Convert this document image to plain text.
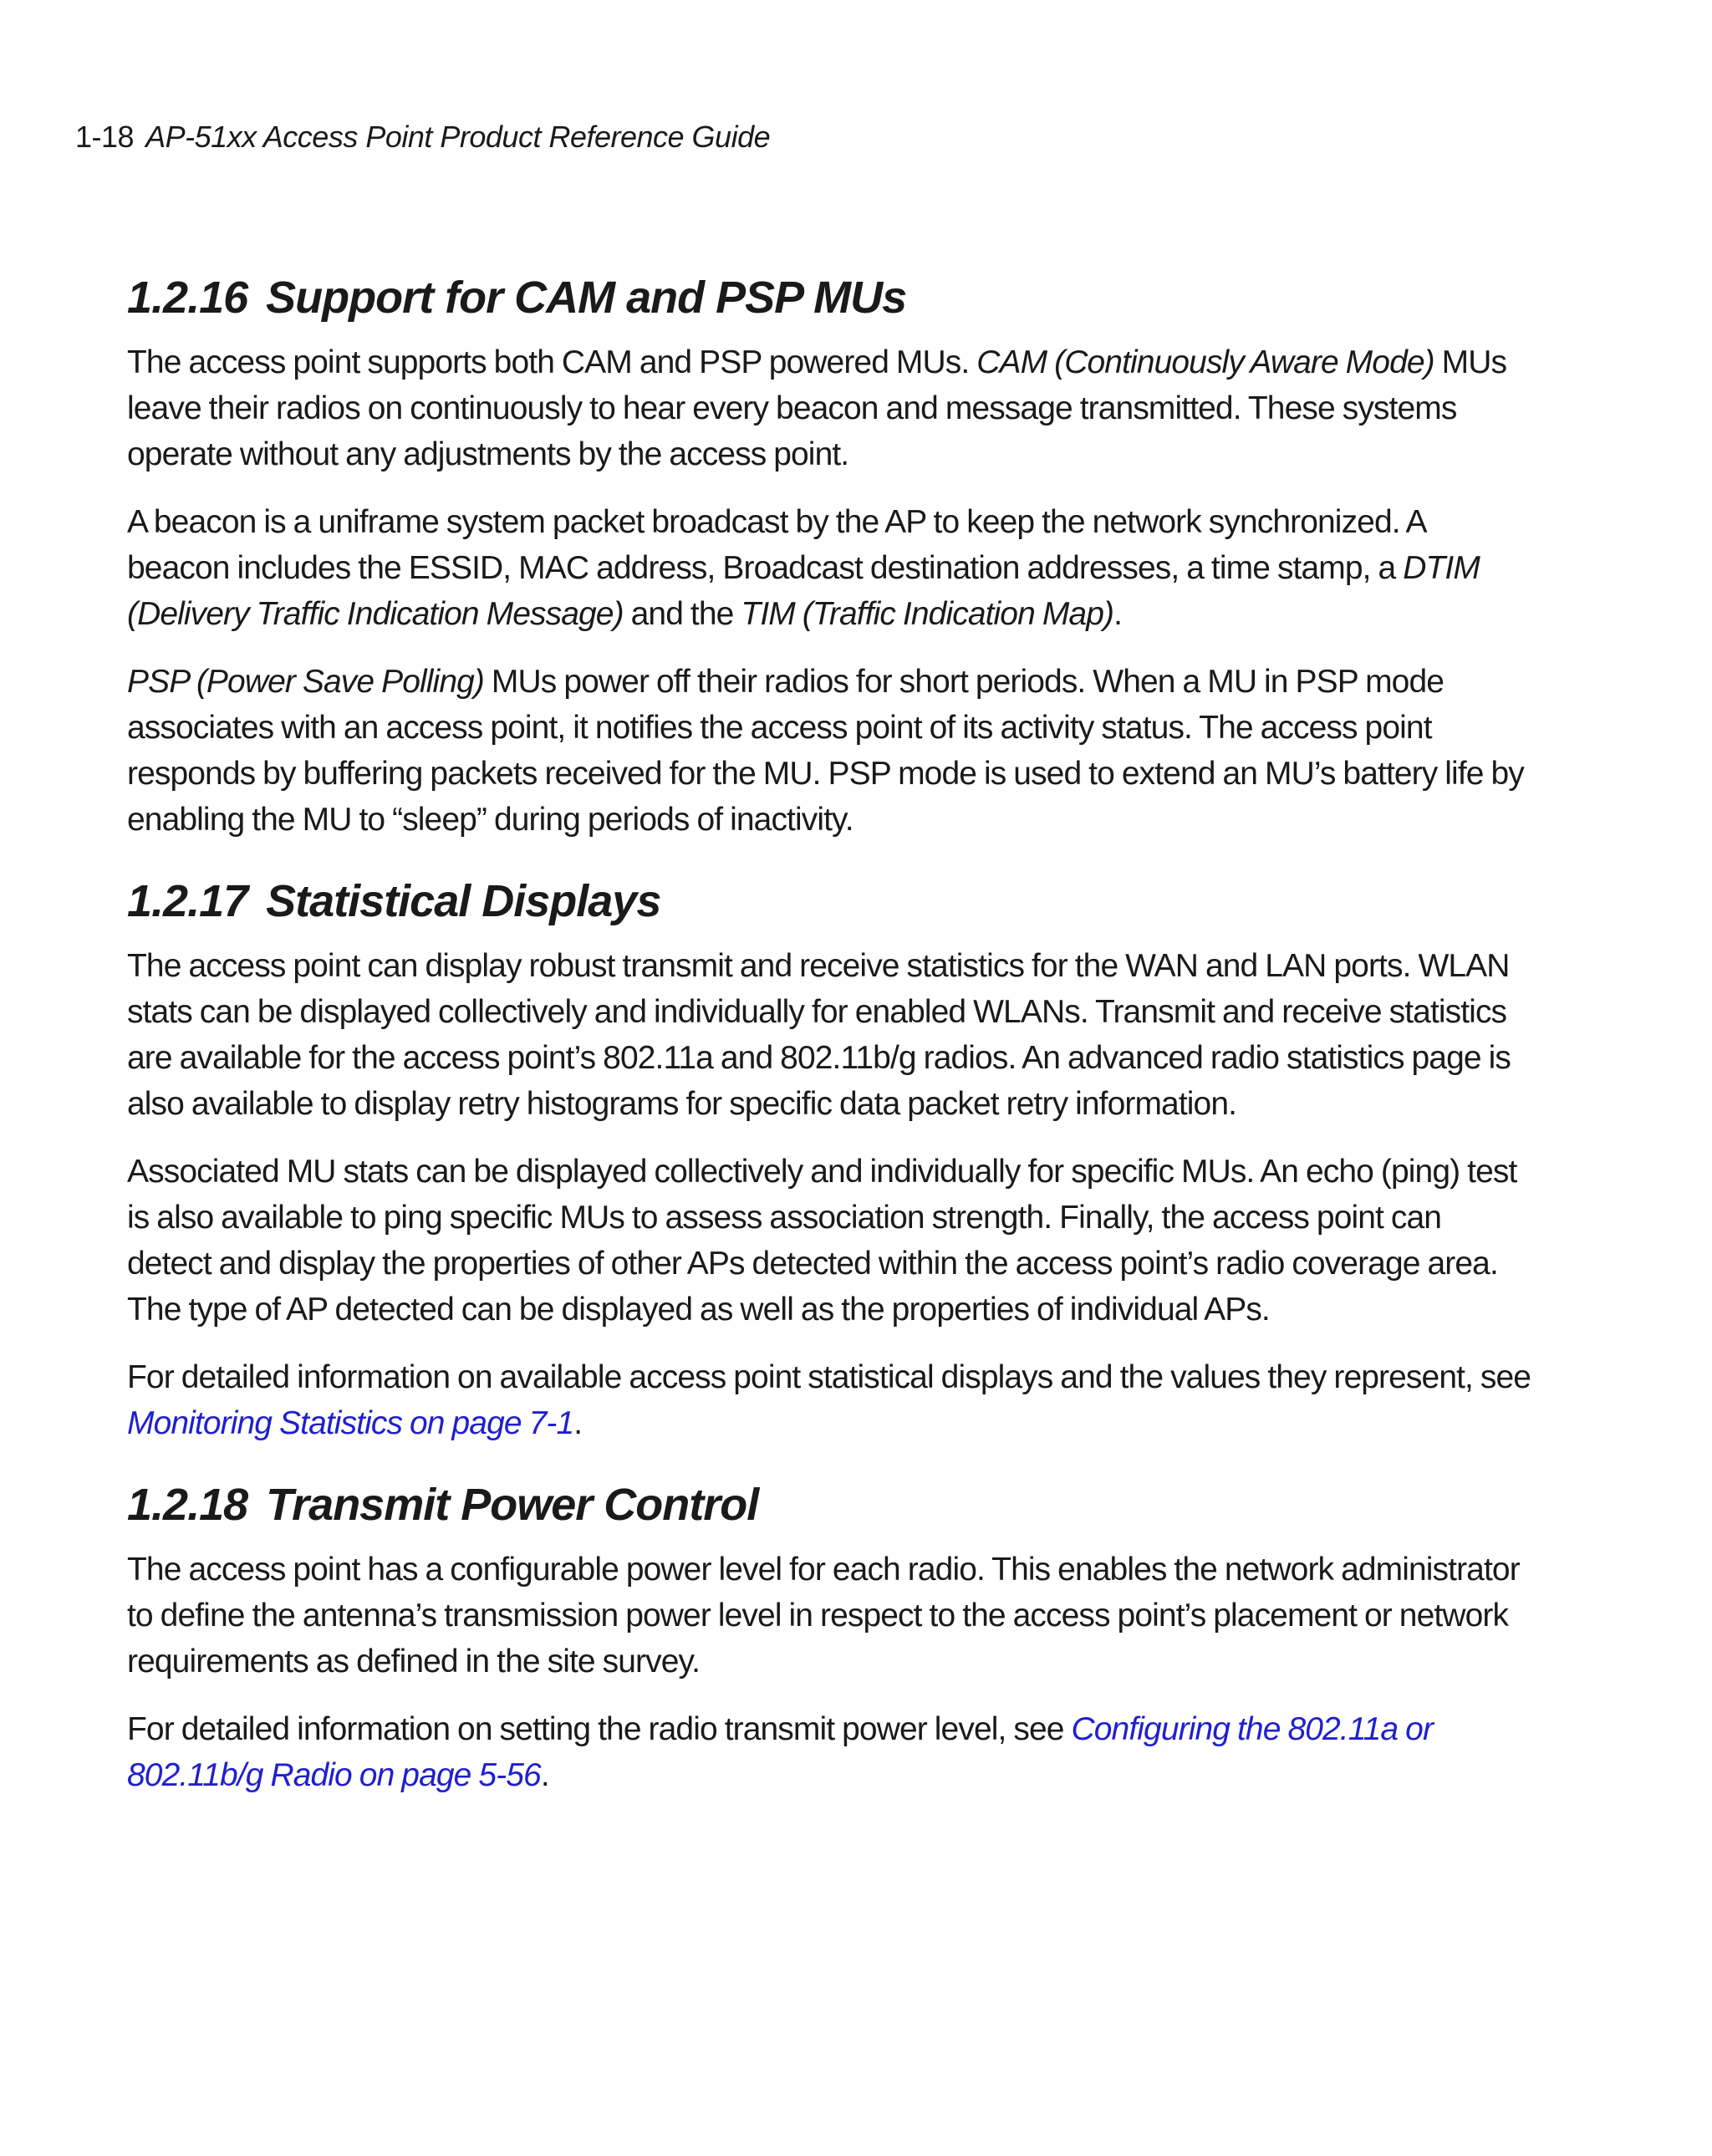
1-18 AP-51xx Access Point Product Reference Guide
1.2.16 Support for CAM and PSP MUs

The access point supports both CAM and PSP powered MUs. CAM (Continuously Aware Mode) MUs leave their radios on continuously to hear every beacon and message transmitted. These systems operate without any adjustments by the access point.

A beacon is a uniframe system packet broadcast by the AP to keep the network synchronized. A beacon includes the ESSID, MAC address, Broadcast destination addresses, a time stamp, a DTIM (Delivery Traffic Indication Message) and the TIM (Traffic Indication Map).

PSP (Power Save Polling) MUs power off their radios for short periods. When a MU in PSP mode associates with an access point, it notifies the access point of its activity status. The access point responds by buffering packets received for the MU. PSP mode is used to extend an MU’s battery life by enabling the MU to “sleep” during periods of inactivity.

1.2.17 Statistical Displays

The access point can display robust transmit and receive statistics for the WAN and LAN ports. WLAN stats can be displayed collectively and individually for enabled WLANs. Transmit and receive statistics are available for the access point’s 802.11a and 802.11b/g radios. An advanced radio statistics page is also available to display retry histograms for specific data packet retry information.

Associated MU stats can be displayed collectively and individually for specific MUs. An echo (ping) test is also available to ping specific MUs to assess association strength. Finally, the access point can detect and display the properties of other APs detected within the access point’s radio coverage area. The type of AP detected can be displayed as well as the properties of individual APs.

For detailed information on available access point statistical displays and the values they represent, see Monitoring Statistics on page 7-1.

1.2.18 Transmit Power Control

The access point has a configurable power level for each radio. This enables the network administrator to define the antenna’s transmission power level in respect to the access point’s placement or network requirements as defined in the site survey.

For detailed information on setting the radio transmit power level, see Configuring the 802.11a or 802.11b/g Radio on page 5-56.
